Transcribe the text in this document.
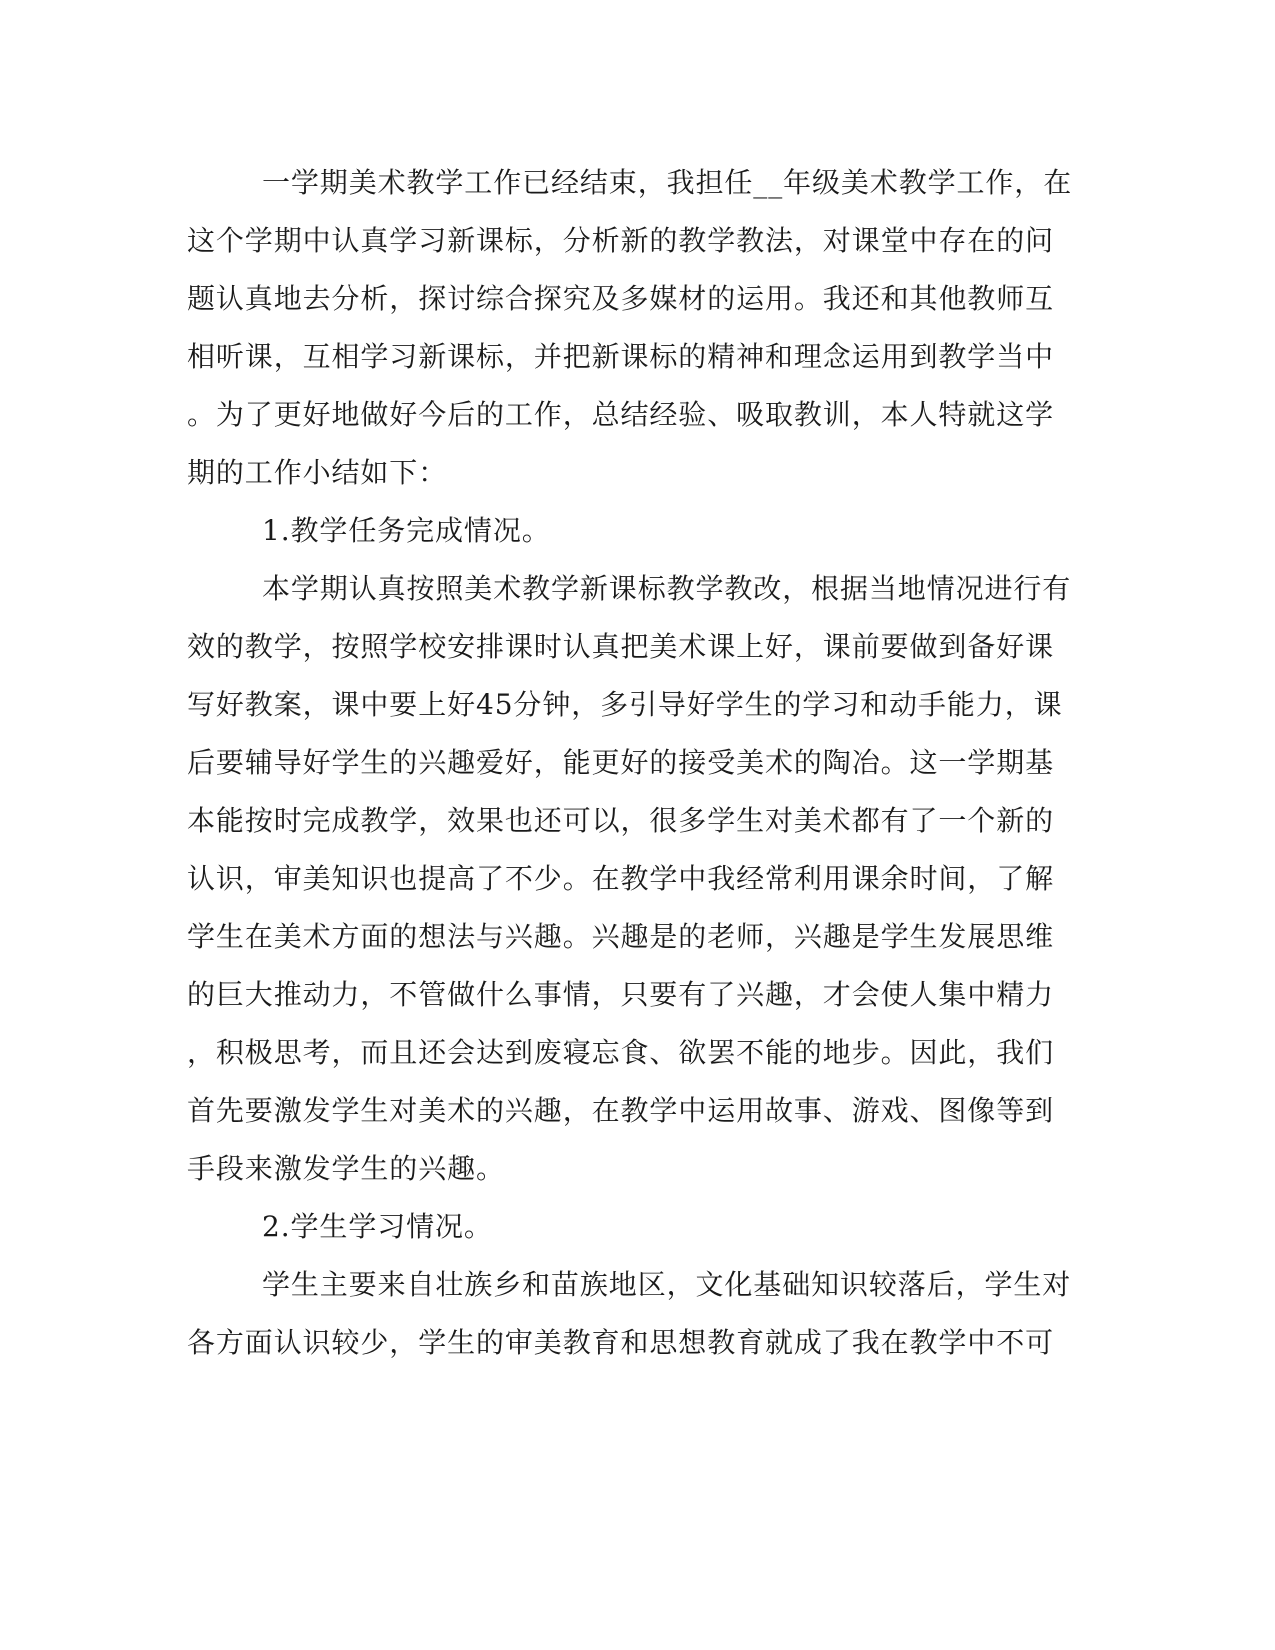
一学期美术教学工作已经结束，我担任__年级美术教学工作，在
这个学期中认真学习新课标，分析新的教学教法，对课堂中存在的问
题认真地去分析，探讨综合探究及多媒材的运用。我还和其他教师互
相听课，互相学习新课标，并把新课标的精神和理念运用到教学当中
。为了更好地做好今后的工作，总结经验、吸取教训，本人特就这学
期的工作小结如下：
1.教学任务完成情况。
本学期认真按照美术教学新课标教学教改，根据当地情况进行有
效的教学，按照学校安排课时认真把美术课上好，课前要做到备好课
写好教案，课中要上好45分钟，多引导好学生的学习和动手能力，课
后要辅导好学生的兴趣爱好，能更好的接受美术的陶冶。这一学期基
本能按时完成教学，效果也还可以，很多学生对美术都有了一个新的
认识，审美知识也提高了不少。在教学中我经常利用课余时间，了解
学生在美术方面的想法与兴趣。兴趣是的老师，兴趣是学生发展思维
的巨大推动力，不管做什么事情，只要有了兴趣，才会使人集中精力
，积极思考，而且还会达到废寝忘食、欲罢不能的地步。因此，我们
首先要激发学生对美术的兴趣，在教学中运用故事、游戏、图像等到
手段来激发学生的兴趣。
2.学生学习情况。
学生主要来自壮族乡和苗族地区，文化基础知识较落后，学生对
各方面认识较少，学生的审美教育和思想教育就成了我在教学中不可
